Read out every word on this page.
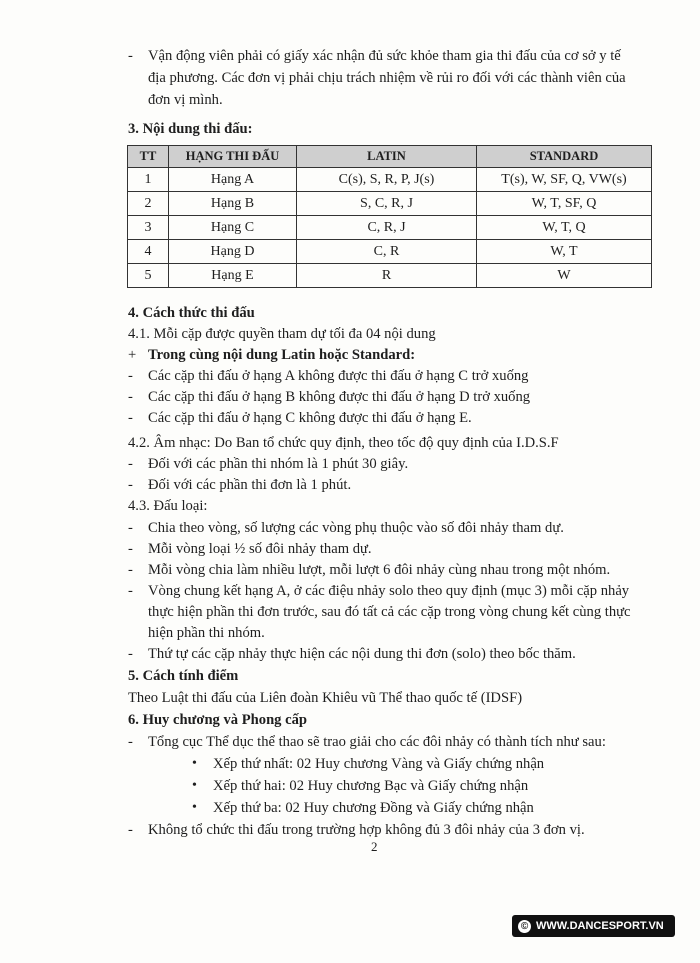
- Vận động viên phải có giấy xác nhận đủ sức khỏe tham gia thi đấu của cơ sở y tế
địa phương. Các đơn vị phải chịu trách nhiệm về rủi ro đối với các thành viên của
đơn vị mình.
3. Nội dung thi đấu:
TT	HẠNG THI ĐẤU	LATIN	STANDARD
1	Hạng A	C(s), S, R, P, J(s)	T(s), W, SF, Q, VW(s)
2	Hạng B	S, C, R, J	W, T, SF, Q
3	Hạng C	C, R, J	W, T, Q
4	Hạng D	C, R	W, T
5	Hạng E	R	W
4. Cách thức thi đấu
4.1. Mỗi cặp được quyền tham dự tối đa 04 nội dung
+ Trong cùng nội dung Latin hoặc Standard:
- Các cặp thi đấu ở hạng A không được thi đấu ở hạng C trở xuống
- Các cặp thi đấu ở hạng B không được thi đấu ở hạng D trở xuống
- Các cặp thi đấu ở hạng C không được thi đấu ở hạng E.
4.2. Âm nhạc: Do Ban tổ chức quy định, theo tốc độ quy định của I.D.S.F
- Đối với các phần thi nhóm là 1 phút 30 giây.
- Đối với các phần thi đơn là 1 phút.
4.3. Đấu loại:
- Chia theo vòng, số lượng các vòng phụ thuộc vào số đôi nhảy tham dự.
- Mỗi vòng loại ½ số đôi nhảy tham dự.
- Mỗi vòng chia làm nhiều lượt, mỗi lượt 6 đôi nhảy cùng nhau trong một nhóm.
- Vòng chung kết hạng A, ở các điệu nhảy solo theo quy định (mục 3) mỗi cặp nhảy
thực hiện phần thi đơn trước, sau đó tất cả các cặp trong vòng chung kết cùng thực
hiện phần thi nhóm.
- Thứ tự các cặp nhảy thực hiện các nội dung thi đơn (solo) theo bốc thăm.
5. Cách tính điểm
Theo Luật thi đấu của Liên đoàn Khiêu vũ Thể thao quốc tế (IDSF)
6. Huy chương và Phong cấp
- Tổng cục Thể dục thể thao sẽ trao giải cho các đôi nhảy có thành tích như sau:
• Xếp thứ nhất: 02 Huy chương Vàng và Giấy chứng nhận
• Xếp thứ hai: 02 Huy chương Bạc và Giấy chứng nhận
• Xếp thứ ba: 02 Huy chương Đồng và Giấy chứng nhận
- Không tổ chức thi đấu trong trường hợp không đủ 3 đôi nhảy của 3 đơn vị.
2
© WWW.DANCESPORT.VN
